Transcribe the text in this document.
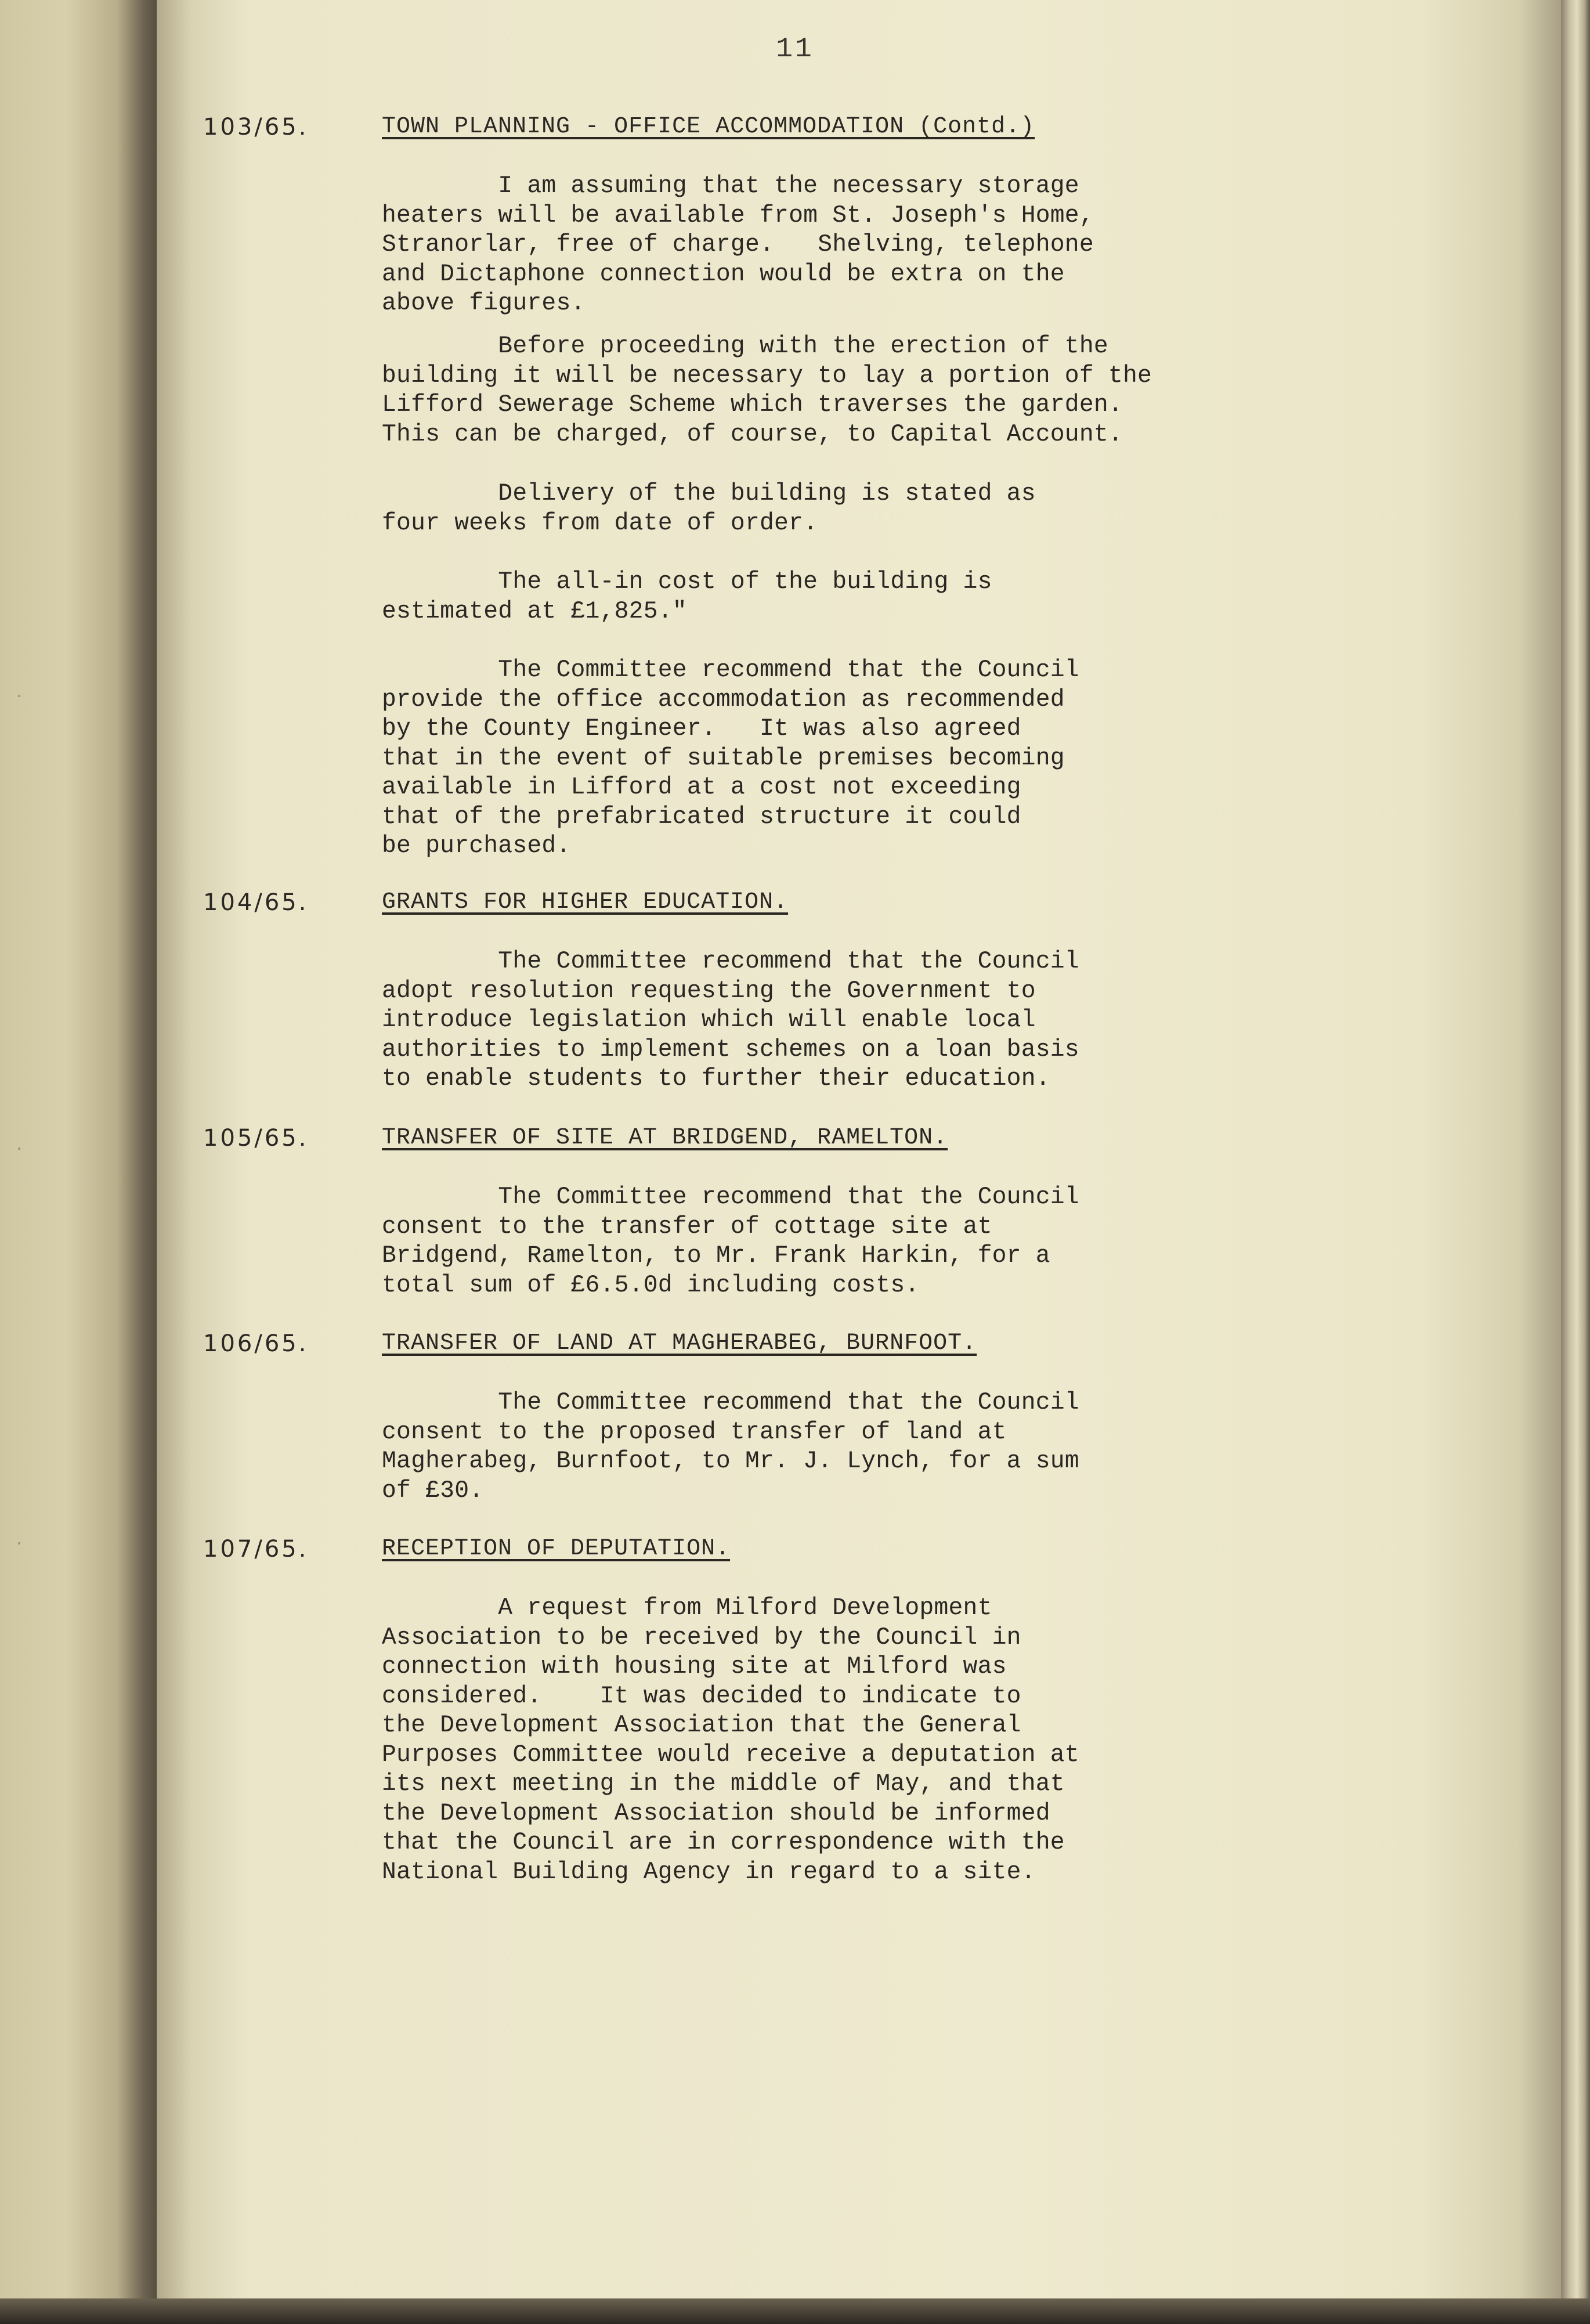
·
·
·
11
103/65.	TOWN PLANNING - OFFICE ACCOMMODATION (Contd.)

I am assuming that the necessary storage
heaters will be available from St. Joseph's Home,
Stranorlar, free of charge.   Shelving, telephone
and Dictaphone connection would be extra on the
above figures.

Before proceeding with the erection of the
building it will be necessary to lay a portion of the
Lifford Sewerage Scheme which traverses the garden.
This can be charged, of course, to Capital Account.

Delivery of the building is stated as
four weeks from date of order.

The all-in cost of the building is
estimated at £1,825."

The Committee recommend that the Council
provide the office accommodation as recommended
by the County Engineer.   It was also agreed
that in the event of suitable premises becoming
available in Lifford at a cost not exceeding
that of the prefabricated structure it could
be purchased.

104/65.	GRANTS FOR HIGHER EDUCATION.

The Committee recommend that the Council
adopt resolution requesting the Government to
introduce legislation which will enable local
authorities to implement schemes on a loan basis
to enable students to further their education.

105/65.	TRANSFER OF SITE AT BRIDGEND, RAMELTON.

The Committee recommend that the Council
consent to the transfer of cottage site at
Bridgend, Ramelton, to Mr. Frank Harkin, for a
total sum of £6.5.0d including costs.

106/65.	TRANSFER OF LAND AT MAGHERABEG, BURNFOOT.

The Committee recommend that the Council
consent to the proposed transfer of land at
Magherabeg, Burnfoot, to Mr. J. Lynch, for a sum
of £30.

107/65.	RECEPTION OF DEPUTATION.

A request from Milford Development
Association to be received by the Council in
connection with housing site at Milford was
considered.    It was decided to indicate to
the Development Association that the General
Purposes Committee would receive a deputation at
its next meeting in the middle of May, and that
the Development Association should be informed
that the Council are in correspondence with the
National Building Agency in regard to a site.
